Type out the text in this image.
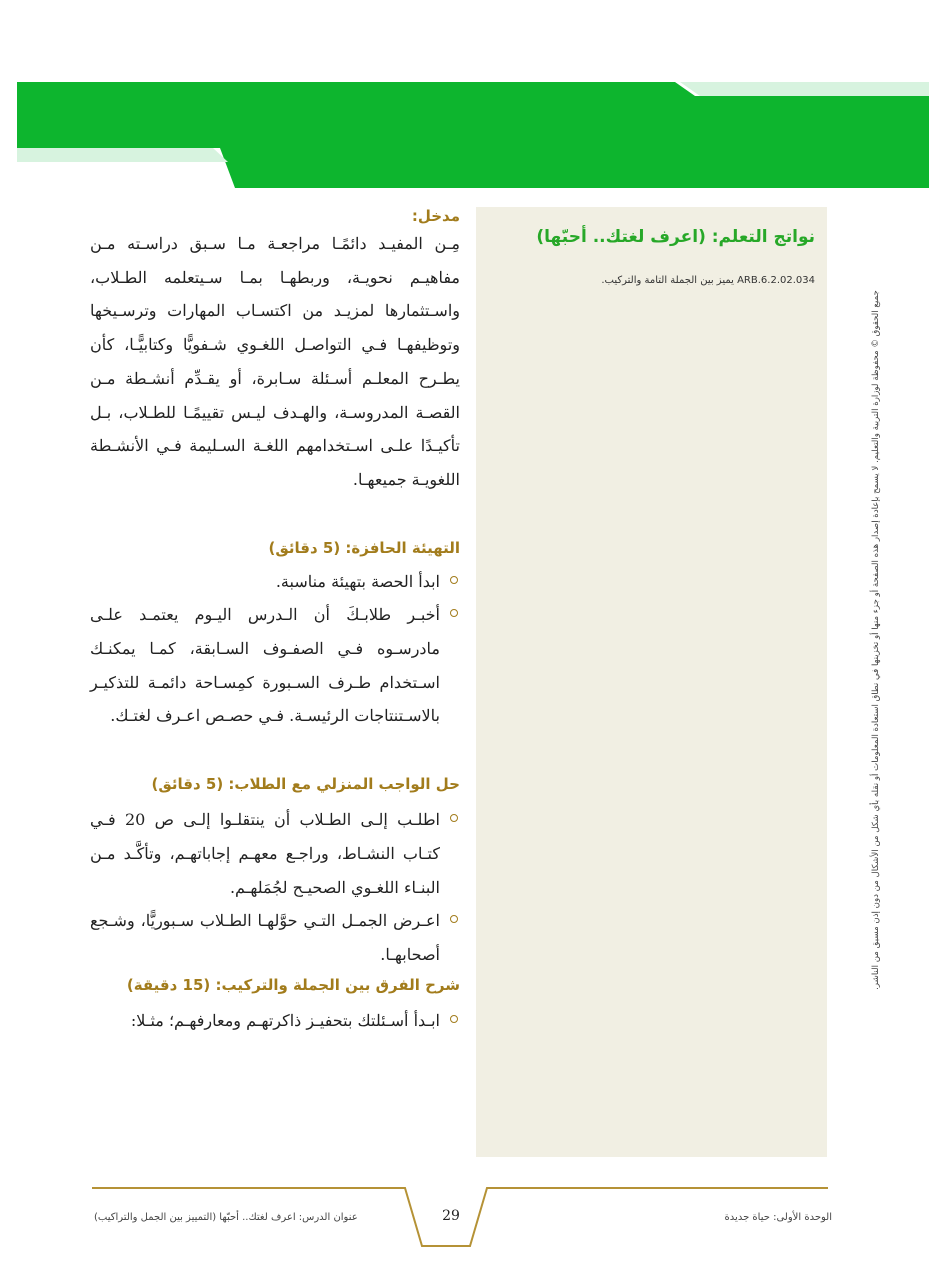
نواتج التعلم: (اعرف لغتك.. أحبّها)
ARB.6.2.02.034 يميز بين الجملة التامة والتركيب.
مدخل:

مِـن المفيـد دائمًـا مراجعـة مـا سـبق دراسـته مـن مفاهيـم نحويـة، وربطهـا بمـا سـيتعلمه الطـلاب، واسـتثمارها لمزيـد من اكتسـاب المهارات وترسـيخها وتوظيفهـا فـي التواصـل اللغـوي شـفويًّا وكتابيًّـا، كأن يطـرح المعلـم أسـئلة سـابرة، أو يقـدِّم أنشـطة مـن القصـة المدروسـة، والهـدف ليـس تقييمًـا للطـلاب، بـل تأكيـدًا علـى اسـتخدامهم اللغـة السـليمة فـي الأنشـطة اللغويـة جميعهـا.

التهيئة الحافزة: (5 دقائق)
ابدأ الحصة بتهيئة مناسبة.
أخبـر طلابـكَ أن الـدرس اليـوم يعتمـد علـى مادرسـوه فـي الصفـوف السـابقة، كمـا يمكنـك اسـتخدام طـرف السـبورة كمِسـاحة دائمـة للتذكيـر بالاسـتنتاجات الرئيسـة. فـي حصـص اعـرف لغتـك.
حل الواجب المنزلي مع الطلاب: (5 دقائق)
اطلـب إلـى الطـلاب أن ينتقلـوا إلـى ص 20 فـي كتـاب النشـاط، وراجـع معهـم إجاباتهـم، وتأكَّـد مـن البنـاء اللغـوي الصحيـح لجُمَلهـم.
اعـرض الجمـل التـي حوَّلهـا الطـلاب سـبوريًّا، وشـجع أصحابهـا.
شرح الفرق بين الجملة والتركيب: (15 دقيقة)
ابـدأ أسـئلتك بتحفيـز ذاكرتهـم ومعارفهـم؛ مثـلا:
جميع الحقوق © محفوظة لوزارة التربية والتعليم. لا يسمح بإعادة إصدار هذه الصفحة أو جزء منها أو تخزينها في نطاق استعادة المعلومات أو نقله بأي شكل من الأشكال من دون إذن مسبق من الناشر.
عنوان الدرس: اعرف لغتك.. أحبّها (التمييز بين الجمل والتراكيب)	29	الوحدة الأولى: حياة جديدة
